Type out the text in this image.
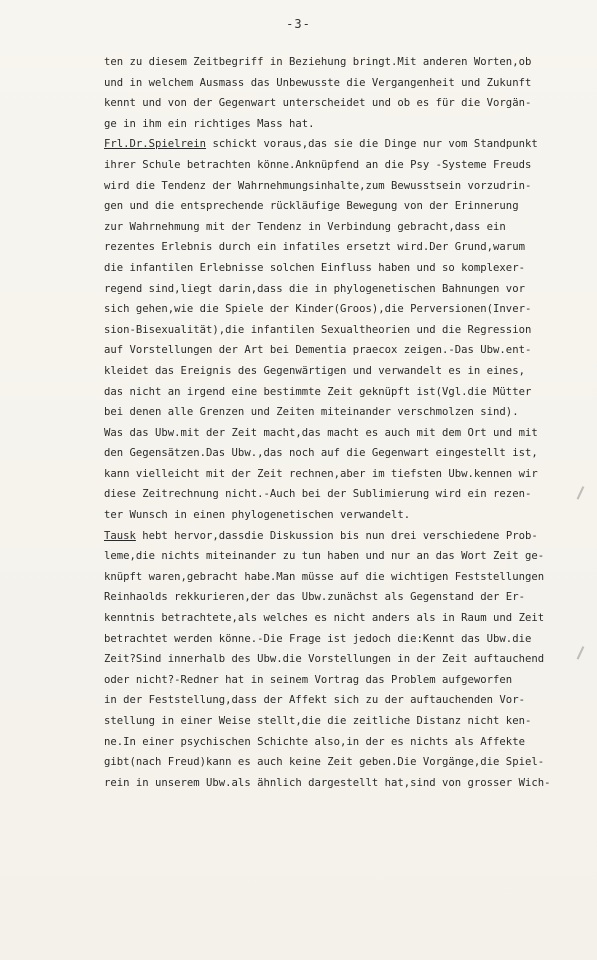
-3-
ten zu diesem Zeitbegriff in Beziehung bringt.Mit anderen Worten,ob
und in welchem Ausmass das Unbewusste die Vergangenheit und Zukunft
kennt und von der Gegenwart unterscheidet und ob es für die Vorgän-
ge in ihm ein richtiges Mass hat.
Frl.Dr.Spielrein schickt voraus,das sie die Dinge nur vom Standpunkt
ihrer Schule betrachten könne.Anknüpfend an die Psy -Systeme Freuds
wird die Tendenz der Wahrnehmungsinhalte,zum Bewusstsein vorzudrin-
gen und die entsprechende rückläufige Bewegung von der Erinnerung
zur Wahrnehmung mit der Tendenz in Verbindung gebracht,dass ein
rezentes Erlebnis durch ein infatiles ersetzt wird.Der Grund,warum
die infantilen Erlebnisse solchen Einfluss haben und so komplexer-
regend sind,liegt darin,dass die in phylogenetischen Bahnungen vor
sich gehen,wie die Spiele der Kinder(Groos),die Perversionen(Inver-
sion-Bisexualität),die infantilen Sexualtheorien und die Regression
auf Vorstellungen der Art bei Dementia praecox zeigen.-Das Ubw.ent-
kleidet das Ereignis des Gegenwärtigen und verwandelt es in eines,
das nicht an irgend eine bestimmte Zeit geknüpft ist(Vgl.die Mütter
bei denen alle Grenzen und Zeiten miteinander verschmolzen sind).
Was das Ubw.mit der Zeit macht,das macht es auch mit dem Ort und mit
den Gegensätzen.Das Ubw.,das noch auf die Gegenwart eingestellt ist,
kann vielleicht mit der Zeit rechnen,aber im tiefsten Ubw.kennen wir
diese Zeitrechnung nicht.-Auch bei der Sublimierung wird ein rezen-
ter Wunsch in einen phylogenetischen verwandelt.
Tausk hebt hervor,dassdie Diskussion bis nun drei verschiedene Prob-
leme,die nichts miteinander zu tun haben und nur an das Wort Zeit ge-
knüpft waren,gebracht habe.Man müsse auf die wichtigen Feststellungen
Reinhaolds rekkurieren,der das Ubw.zunächst als Gegenstand der Er-
kenntnis betrachtete,als welches es nicht anders als in Raum und Zeit
betrachtet werden könne.-Die Frage ist jedoch die:Kennt das Ubw.die
Zeit?Sind innerhalb des Ubw.die Vorstellungen in der Zeit auftauchend
oder nicht?-Redner hat in seinem Vortrag das Problem aufgeworfen
in der Feststellung,dass der Affekt sich zu der auftauchenden Vor-
stellung in einer Weise stellt,die die zeitliche Distanz nicht ken-
ne.In einer psychischen Schichte also,in der es nichts als Affekte
gibt(nach Freud)kann es auch keine Zeit geben.Die Vorgänge,die Spiel-
rein in unserem Ubw.als ähnlich dargestellt hat,sind von grosser Wich-
